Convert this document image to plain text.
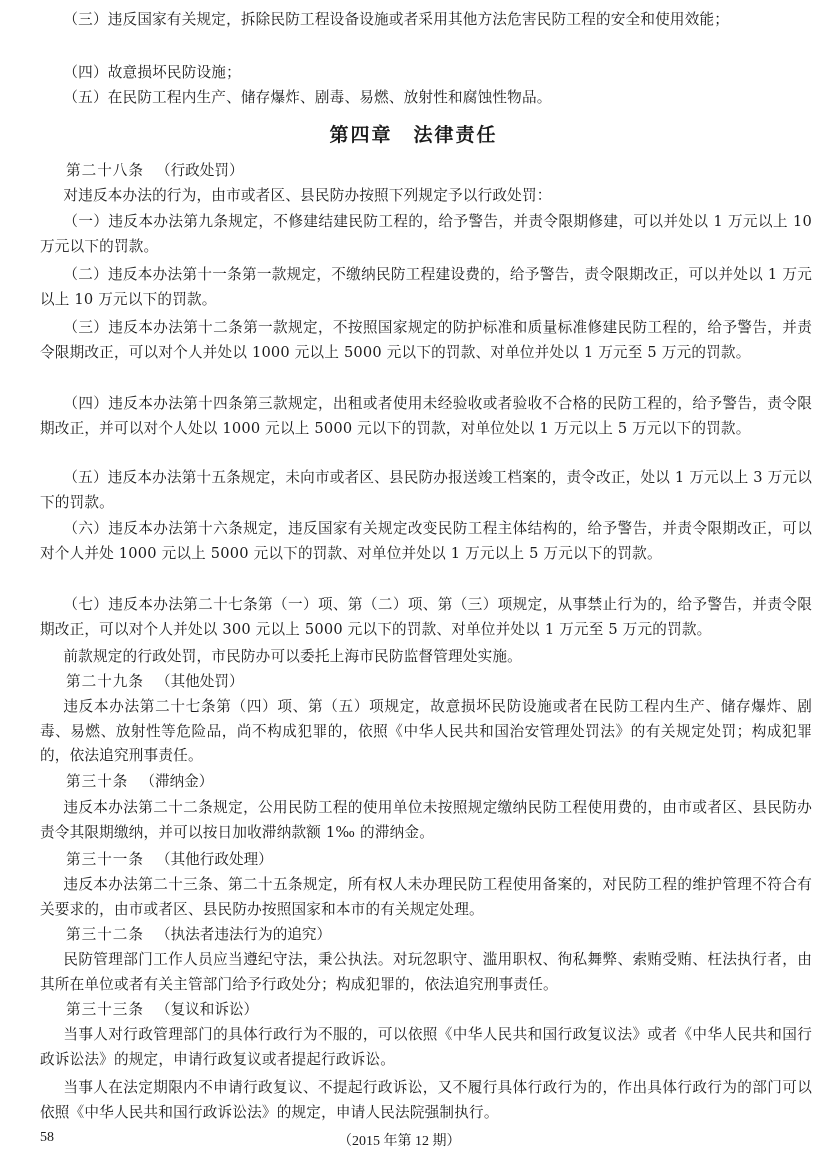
（三）违反国家有关规定，拆除民防工程设备设施或者采用其他方法危害民防工程的安全和使用效能；

（四）故意损坏民防设施；

（五）在民防工程内生产、储存爆炸、剧毒、易燃、放射性和腐蚀性物品。

第四章　法律责任

第二十八条 （行政处罚）

对违反本办法的行为，由市或者区、县民防办按照下列规定予以行政处罚：

（一）违反本办法第九条规定，不修建结建民防工程的，给予警告，并责令限期修建，可以并处以 1 万元以上 10 万元以下的罚款。

（二）违反本办法第十一条第一款规定，不缴纳民防工程建设费的，给予警告，责令限期改正，可以并处以 1 万元以上 10 万元以下的罚款。

（三）违反本办法第十二条第一款规定，不按照国家规定的防护标准和质量标准修建民防工程的，给予警告，并责令限期改正，可以对个人并处以 1000 元以上 5000 元以下的罚款、对单位并处以 1 万元至 5 万元的罚款。

（四）违反本办法第十四条第三款规定，出租或者使用未经验收或者验收不合格的民防工程的，给予警告，责令限期改正，并可以对个人处以 1000 元以上 5000 元以下的罚款，对单位处以 1 万元以上 5 万元以下的罚款。

（五）违反本办法第十五条规定，未向市或者区、县民防办报送竣工档案的，责令改正，处以 1 万元以上 3 万元以下的罚款。

（六）违反本办法第十六条规定，违反国家有关规定改变民防工程主体结构的，给予警告，并责令限期改正，可以对个人并处 1000 元以上 5000 元以下的罚款、对单位并处以 1 万元以上 5 万元以下的罚款。

（七）违反本办法第二十七条第（一）项、第（二）项、第（三）项规定，从事禁止行为的，给予警告，并责令限期改正，可以对个人并处以 300 元以上 5000 元以下的罚款、对单位并处以 1 万元至 5 万元的罚款。

前款规定的行政处罚，市民防办可以委托上海市民防监督管理处实施。

第二十九条 （其他处罚）

违反本办法第二十七条第（四）项、第（五）项规定，故意损坏民防设施或者在民防工程内生产、储存爆炸、剧毒、易燃、放射性等危险品，尚不构成犯罪的，依照《中华人民共和国治安管理处罚法》的有关规定处罚；构成犯罪的，依法追究刑事责任。

第三十条 （滞纳金）

违反本办法第二十二条规定，公用民防工程的使用单位未按照规定缴纳民防工程使用费的，由市或者区、县民防办责令其限期缴纳，并可以按日加收滞纳款额 1‰ 的滞纳金。

第三十一条 （其他行政处理）

违反本办法第二十三条、第二十五条规定，所有权人未办理民防工程使用备案的，对民防工程的维护管理不符合有关要求的，由市或者区、县民防办按照国家和本市的有关规定处理。

第三十二条 （执法者违法行为的追究）

民防管理部门工作人员应当遵纪守法，秉公执法。对玩忽职守、滥用职权、徇私舞弊、索贿受贿、枉法执行者，由其所在单位或者有关主管部门给予行政处分；构成犯罪的，依法追究刑事责任。

第三十三条 （复议和诉讼）

当事人对行政管理部门的具体行政行为不服的，可以依照《中华人民共和国行政复议法》或者《中华人民共和国行政诉讼法》的规定，申请行政复议或者提起行政诉讼。

当事人在法定期限内不申请行政复议、不提起行政诉讼，又不履行具体行政行为的，作出具体行政行为的部门可以依照《中华人民共和国行政诉讼法》的规定，申请人民法院强制执行。

58	（2015 年第 12 期）
